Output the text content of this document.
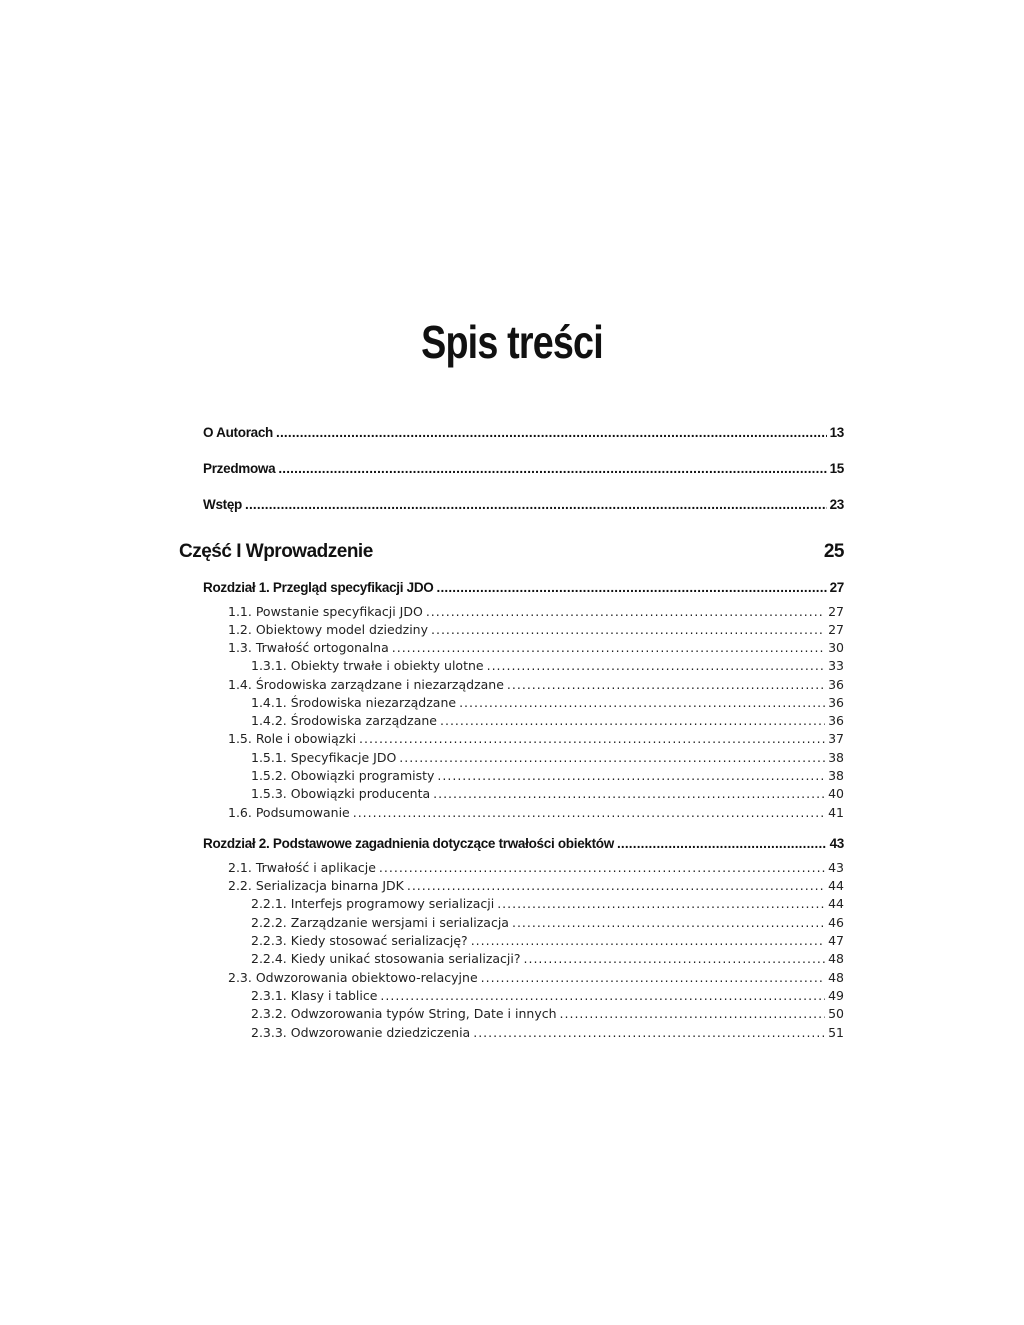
Spis treści
O Autorach .....	13
Przedmowa .....	15
Wstęp .....	23
Część I Wprowadzenie	25
Rozdział 1. Przegląd specyfikacji JDO .....	27
1.1. Powstanie specyfikacji JDO .....	27
1.2. Obiektowy model dziedziny .....	27
1.3. Trwałość ortogonalna .....	30
1.3.1. Obiekty trwałe i obiekty ulotne .....	33
1.4. Środowiska zarządzane i niezarządzane .....	36
1.4.1. Środowiska niezarządzane .....	36
1.4.2. Środowiska zarządzane .....	36
1.5. Role i obowiązki .....	37
1.5.1. Specyfikacje JDO .....	38
1.5.2. Obowiązki programisty .....	38
1.5.3. Obowiązki producenta .....	40
1.6. Podsumowanie .....	41
Rozdział 2. Podstawowe zagadnienia dotyczące trwałości obiektów .....	43
2.1. Trwałość i aplikacje .....	43
2.2. Serializacja binarna JDK .....	44
2.2.1. Interfejs programowy serializacji .....	44
2.2.2. Zarządzanie wersjami i serializacja .....	46
2.2.3. Kiedy stosować serializację? .....	47
2.2.4. Kiedy unikać stosowania serializacji? .....	48
2.3. Odwzorowania obiektowo-relacyjne .....	48
2.3.1. Klasy i tablice .....	49
2.3.2. Odwzorowania typów String, Date i innych .....	50
2.3.3. Odwzorowanie dziedziczenia .....	51
